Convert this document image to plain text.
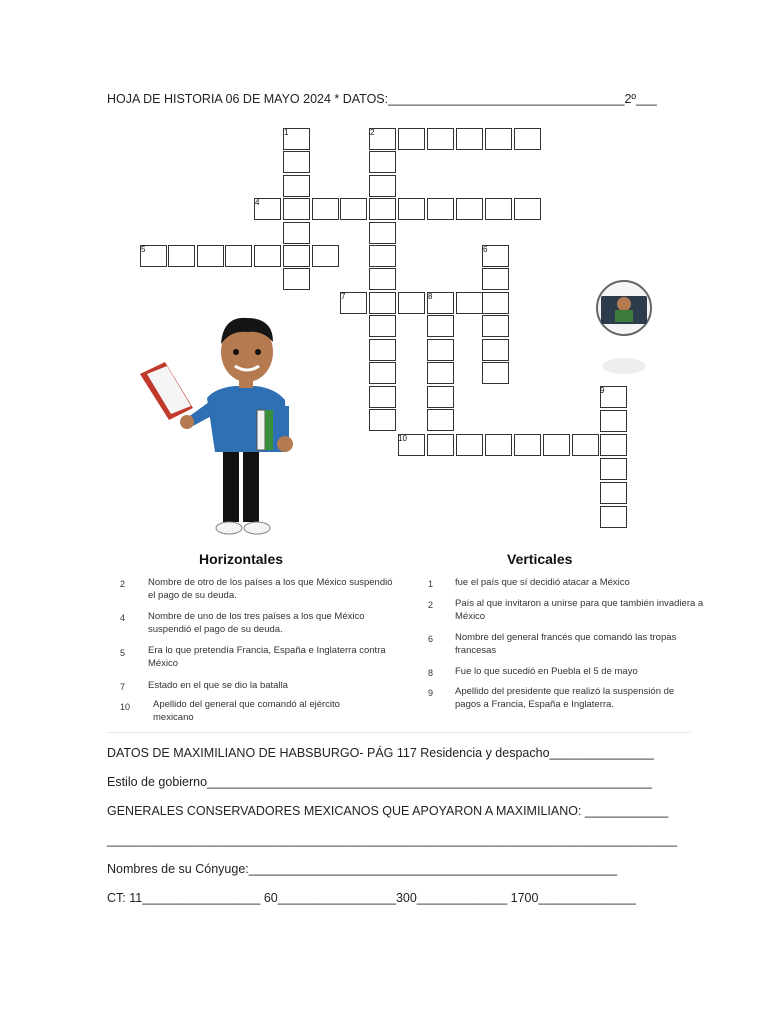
HOJA DE HISTORIA 06 DE MAYO 2024 * DATOS:__________________________________2º___
1	2
4
5	6
7	8
9
10
Horizontales	Verticales
2 Nombre de otro de los países a los que México suspendió el pago de su deuda.
4 Nombre de uno de los tres países a los que México suspendió el pago de su deuda.
5 Era lo que pretendía Francia, España e Inglaterra contra México
7 Estado en el que se dio la batalla
10 Apellido del general que comandó al ejército mexicano
1 fue el país que sí decidió atacar a México
2 País al que invitaron a unirse para que también invadiera a México
6 Nombre del general francés que comandó las tropas francesas
8 Fue lo que sucedió en Puebla el 5 de mayo
9 Apellido del presidente que realizó la suspensión de pagos a Francia, España e Inglaterra.
DATOS DE MAXIMILIANO DE HABSBURGO- PÁG 117 Residencia y despacho_______________
Estilo de gobierno________________________________________________________________
GENERALES CONSERVADORES MEXICANOS QUE APOYARON A MAXIMILIANO: ____________
__________________________________________________________________________________
Nombres de su Cónyuge:_____________________________________________________
CT: 11_________________ 60_________________300_____________ 1700______________
